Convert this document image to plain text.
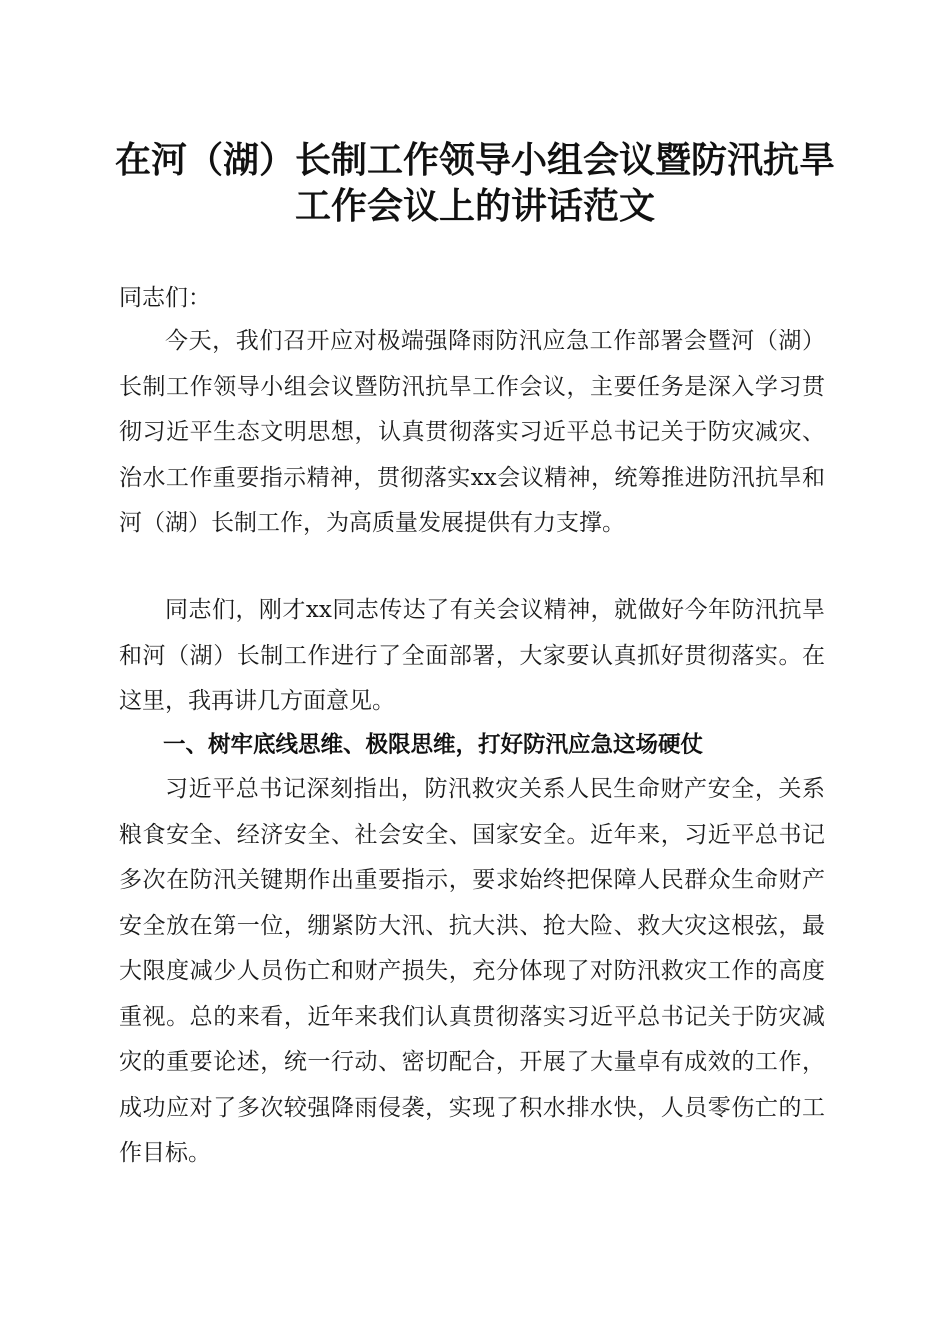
在河（湖）长制工作领导小组会议暨防汛抗旱
工作会议上的讲话范文
同志们：
今天，我们召开应对极端强降雨防汛应急工作部署会暨河（湖）长制工作领导小组会议暨防汛抗旱工作会议，主要任务是深入学习贯彻习近平生态文明思想，认真贯彻落实习近平总书记关于防灾减灾、治水工作重要指示精神，贯彻落实xx会议精神，统筹推进防汛抗旱和河（湖）长制工作，为高质量发展提供有力支撑。
同志们，刚才xx同志传达了有关会议精神，就做好今年防汛抗旱和河（湖）长制工作进行了全面部署，大家要认真抓好贯彻落实。在这里，我再讲几方面意见。
一、树牢底线思维、极限思维，打好防汛应急这场硬仗
习近平总书记深刻指出，防汛救灾关系人民生命财产安全，关系粮食安全、经济安全、社会安全、国家安全。近年来，习近平总书记多次在防汛关键期作出重要指示，要求始终把保障人民群众生命财产安全放在第一位，绷紧防大汛、抗大洪、抢大险、救大灾这根弦，最大限度减少人员伤亡和财产损失，充分体现了对防汛救灾工作的高度重视。总的来看，近年来我们认真贯彻落实习近平总书记关于防灾减灾的重要论述，统一行动、密切配合，开展了大量卓有成效的工作，成功应对了多次较强降雨侵袭，实现了积水排水快，人员零伤亡的工作目标。
